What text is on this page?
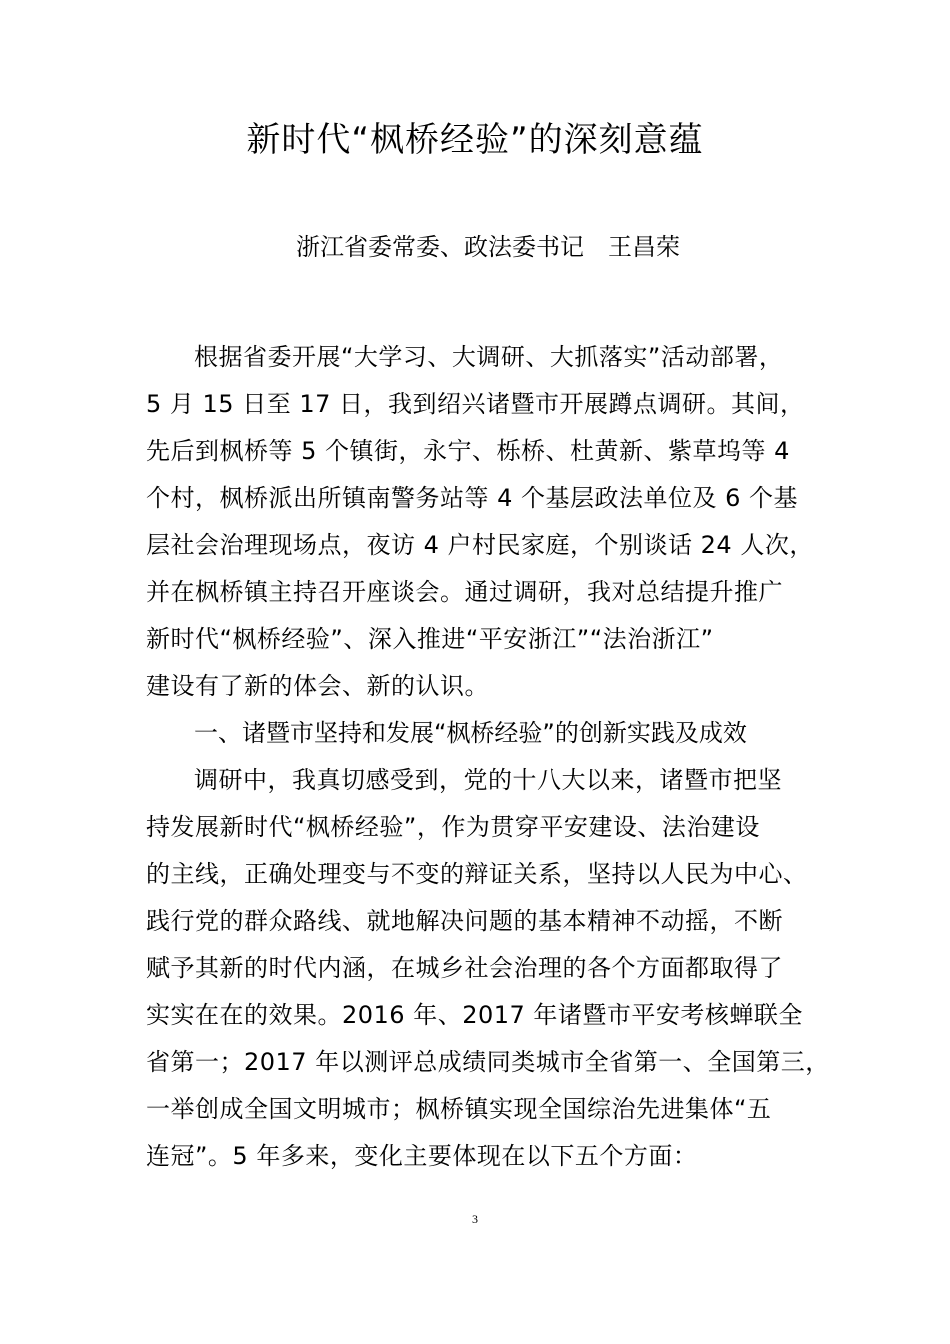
新时代“枫桥经验”的深刻意蕴
浙江省委常委、政法委书记　王昌荣
根据省委开展“大学习、大调研、大抓落实”活动部署，
5 月 15 日至 17 日，我到绍兴诸暨市开展蹲点调研。其间，
先后到枫桥等 5 个镇街，永宁、栎桥、杜黄新、紫草坞等 4
个村，枫桥派出所镇南警务站等 4 个基层政法单位及 6 个基
层社会治理现场点，夜访 4 户村民家庭，个别谈话 24 人次，
并在枫桥镇主持召开座谈会。通过调研，我对总结提升推广
新时代“枫桥经验”、深入推进“平安浙江”“法治浙江”
建设有了新的体会、新的认识。
一、诸暨市坚持和发展“枫桥经验”的创新实践及成效
调研中，我真切感受到，党的十八大以来，诸暨市把坚
持发展新时代“枫桥经验”，作为贯穿平安建设、法治建设
的主线，正确处理变与不变的辩证关系，坚持以人民为中心、
践行党的群众路线、就地解决问题的基本精神不动摇，不断
赋予其新的时代内涵，在城乡社会治理的各个方面都取得了
实实在在的效果。2016 年、2017 年诸暨市平安考核蝉联全
省第一；2017 年以测评总成绩同类城市全省第一、全国第三，
一举创成全国文明城市；枫桥镇实现全国综治先进集体“五
连冠”。5 年多来，变化主要体现在以下五个方面：
3
